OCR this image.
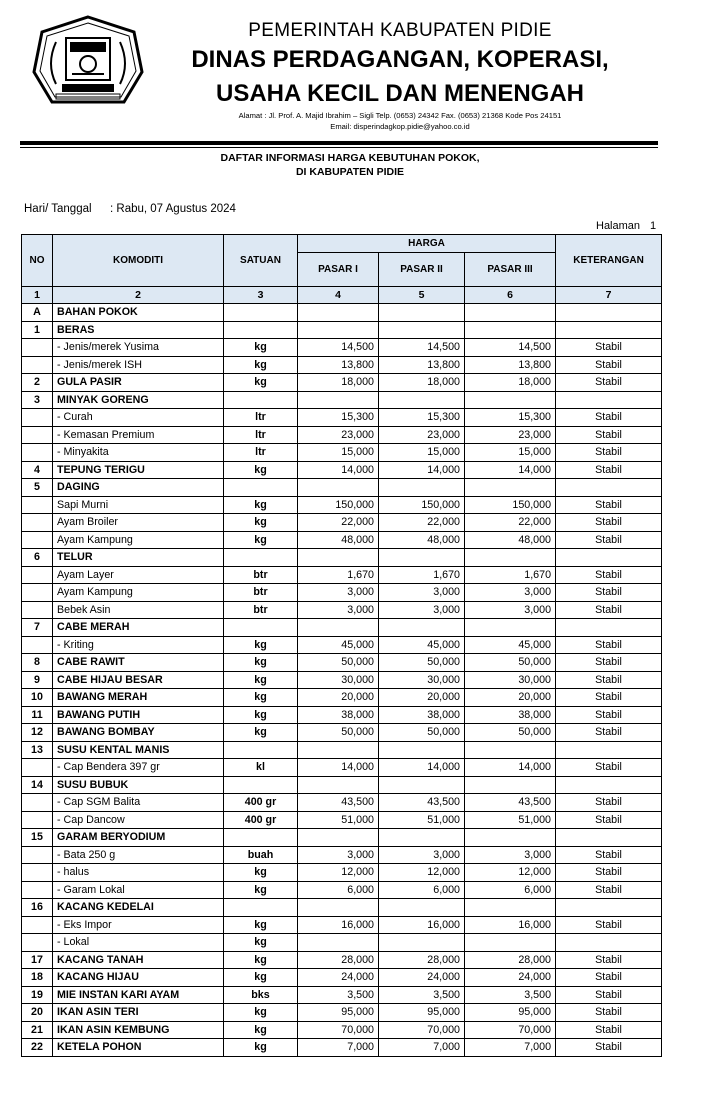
PEMERINTAH KABUPATEN PIDIE
DINAS PERDAGANGAN, KOPERASI,
USAHA KECIL DAN MENENGAH
Alamat : Jl. Prof. A. Majid Ibrahim – Sigli Telp. (0653) 24342 Fax. (0653) 21368 Kode Pos 24151
Email: disperindagkop.pidie@yahoo.co.id
DAFTAR INFORMASI HARGA KEBUTUHAN POKOK,
DI KABUPATEN PIDIE
Hari/ Tanggal : Rabu, 07 Agustus 2024
Halaman 1
NO	KOMODITI	SATUAN	HARGA			KETERANGAN
			PASAR I	PASAR II	PASAR III	
1	2	3	4	5	6	7
A	BAHAN POKOK					
1	BERAS					
	- Jenis/merek Yusima	kg	14,500	14,500	14,500	Stabil
	- Jenis/merek ISH	kg	13,800	13,800	13,800	Stabil
2	GULA PASIR	kg	18,000	18,000	18,000	Stabil
3	MINYAK GORENG					
	- Curah	ltr	15,300	15,300	15,300	Stabil
	- Kemasan Premium	ltr	23,000	23,000	23,000	Stabil
	- Minyakita	ltr	15,000	15,000	15,000	Stabil
4	TEPUNG TERIGU	kg	14,000	14,000	14,000	Stabil
5	DAGING					
	Sapi Murni	kg	150,000	150,000	150,000	Stabil
	Ayam Broiler	kg	22,000	22,000	22,000	Stabil
	Ayam Kampung	kg	48,000	48,000	48,000	Stabil
6	TELUR					
	Ayam Layer	btr	1,670	1,670	1,670	Stabil
	Ayam Kampung	btr	3,000	3,000	3,000	Stabil
	Bebek Asin	btr	3,000	3,000	3,000	Stabil
7	CABE MERAH					
	- Kriting	kg	45,000	45,000	45,000	Stabil
8	CABE RAWIT	kg	50,000	50,000	50,000	Stabil
9	CABE HIJAU BESAR	kg	30,000	30,000	30,000	Stabil
10	BAWANG MERAH	kg	20,000	20,000	20,000	Stabil
11	BAWANG PUTIH	kg	38,000	38,000	38,000	Stabil
12	BAWANG BOMBAY	kg	50,000	50,000	50,000	Stabil
13	SUSU KENTAL MANIS					
	- Cap Bendera 397 gr	kl	14,000	14,000	14,000	Stabil
14	SUSU BUBUK					
	- Cap SGM Balita	400 gr	43,500	43,500	43,500	Stabil
	- Cap Dancow	400 gr	51,000	51,000	51,000	Stabil
15	GARAM BERYODIUM					
	- Bata 250 g	buah	3,000	3,000	3,000	Stabil
	- halus	kg	12,000	12,000	12,000	Stabil
	- Garam Lokal	kg	6,000	6,000	6,000	Stabil
16	KACANG KEDELAI					
	- Eks Impor	kg	16,000	16,000	16,000	Stabil
	- Lokal	kg				
17	KACANG TANAH	kg	28,000	28,000	28,000	Stabil
18	KACANG HIJAU	kg	24,000	24,000	24,000	Stabil
19	MIE INSTAN KARI AYAM	bks	3,500	3,500	3,500	Stabil
20	IKAN ASIN TERI	kg	95,000	95,000	95,000	Stabil
21	IKAN ASIN KEMBUNG	kg	70,000	70,000	70,000	Stabil
22	KETELA POHON	kg	7,000	7,000	7,000	Stabil
